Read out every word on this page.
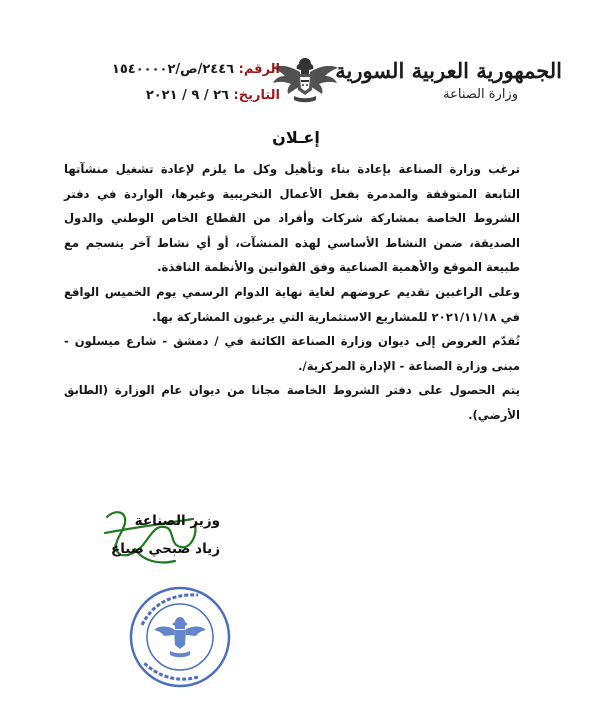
الجمهورية العربية السورية
وزارة الصناعة
الرقم: ٢٤٤٦/ص/١٥٤٠٠٠٠٢
التاريخ: ٢٦ / ٩ / ٢٠٢١
إعـلان

ترغب وزارة الصناعة بإعادة بناء وتأهيل وكل ما يلزم لإعادة تشغيل منشآتها التابعة المتوقفة والمدمرة بفعل الأعمال التخريبية وغيرها، الواردة في دفتر الشروط الخاصة بمشاركة شركات وأفراد من القطاع الخاص الوطني والدول الصديقة، ضمن النشاط الأساسي لهذه المنشآت، أو أي نشاط آخر ينسجم مع طبيعة الموقع والأهمية الصناعية وفق القوانين والأنظمة النافذة.

وعلى الراغبين تقديم عروضهم لغاية نهاية الدوام الرسمي يوم الخميس الواقع في ٢٠٢١/١١/١٨ للمشاريع الاستثمارية التي يرغبون المشاركة بها.

تُقدّم العروض إلى ديوان وزارة الصناعة الكائنة في / دمشق - شارع ميسلون - مبنى وزارة الصناعة - الإدارة المركزية/.

يتم الحصول على دفتر الشروط الخاصة مجانا من ديوان عام الوزارة (الطابق الأرضي).

وزير الصناعة
زياد صبحي صباغ
